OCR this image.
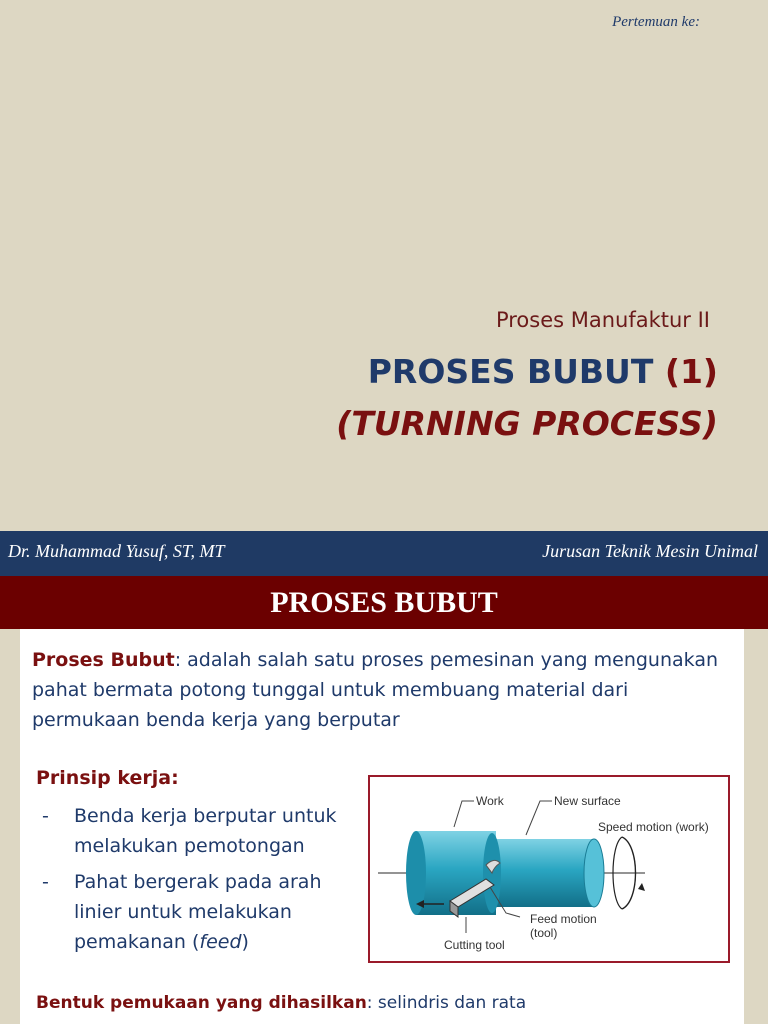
Pertemuan ke:
Proses Manufaktur II
PROSES BUBUT (1)
(TURNING PROCESS)
Dr. Muhammad Yusuf, ST, MT	Jurusan Teknik Mesin Unimal
PROSES BUBUT
Proses Bubut: adalah salah satu proses pemesinan yang mengunakan pahat bermata potong tunggal untuk membuang material dari permukaan benda kerja yang berputar
Prinsip kerja:
- Benda kerja berputar untuk melakukan pemotongan
- Pahat bergerak pada arah linier untuk melakukan pemakanan (feed)
Work	New surface
Speed motion (work)
Feed motion
(tool)
Cutting tool
Bentuk pemukaan yang dihasilkan: selindris dan rata
